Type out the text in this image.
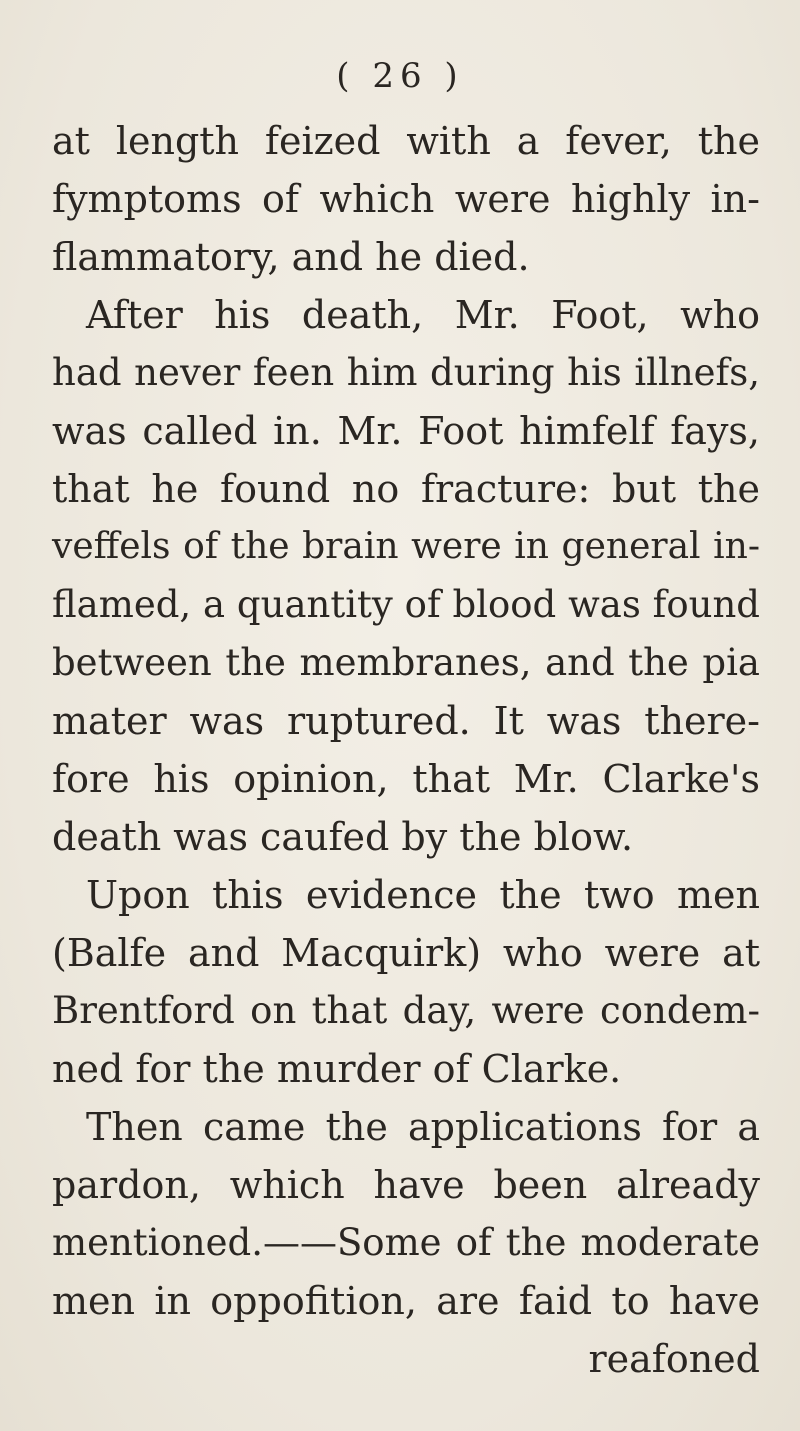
( 26 )
at length feized with a fever, the
fymptoms of which were highly in-
flammatory, and he died.
After his death, Mr. Foot, who
had never feen him during his illnefs,
was called in. Mr. Foot himfelf fays,
that he found no fracture: but the
veffels of the brain were in general in-
flamed, a quantity of blood was found
between the membranes, and the pia
mater was ruptured. It was there-
fore his opinion, that Mr. Clarke's
death was caufed by the blow.
Upon this evidence the two men
(Balfe and Macquirk) who were at
Brentford on that day, were condem-
ned for the murder of Clarke.
Then came the applications for a
pardon, which have been already
mentioned.——Some of the moderate
men in oppofition, are faid to have
reafoned
